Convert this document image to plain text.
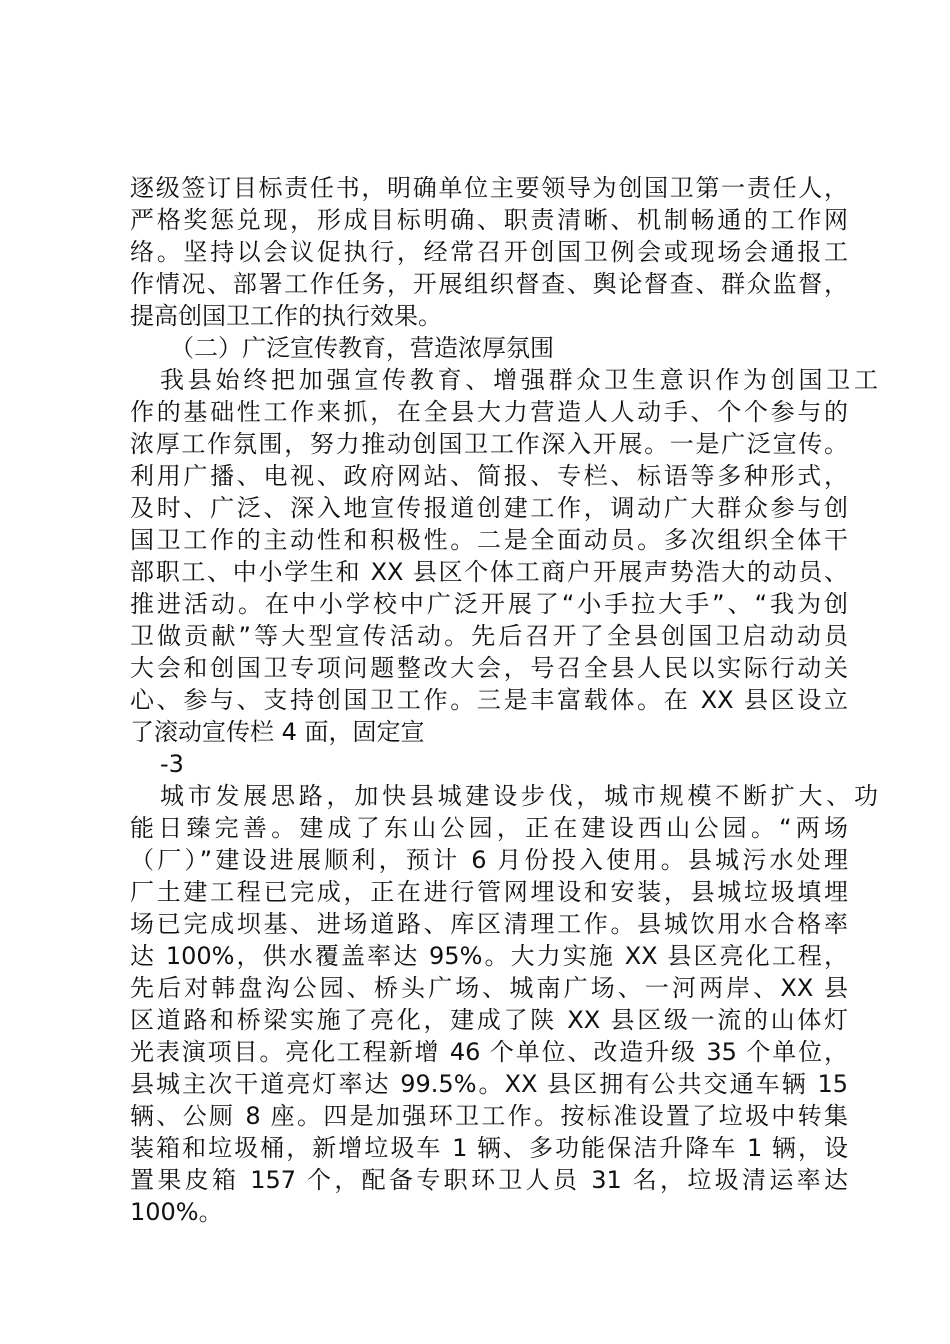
逐级签订目标责任书，明确单位主要领导为创国卫第一责任人，
严格奖惩兑现，形成目标明确、职责清晰、机制畅通的工作网
络。坚持以会议促执行，经常召开创国卫例会或现场会通报工
作情况、部署工作任务，开展组织督查、舆论督查、群众监督，
提高创国卫工作的执行效果。
（二）广泛宣传教育，营造浓厚氛围
我县始终把加强宣传教育、增强群众卫生意识作为创国卫工
作的基础性工作来抓，在全县大力营造人人动手、个个参与的
浓厚工作氛围，努力推动创国卫工作深入开展。一是广泛宣传。
利用广播、电视、政府网站、简报、专栏、标语等多种形式，
及时、广泛、深入地宣传报道创建工作，调动广大群众参与创
国卫工作的主动性和积极性。二是全面动员。多次组织全体干
部职工、中小学生和 XX 县区个体工商户开展声势浩大的动员、
推进活动。在中小学校中广泛开展了“小手拉大手”、“我为创
卫做贡献”等大型宣传活动。先后召开了全县创国卫启动动员
大会和创国卫专项问题整改大会，号召全县人民以实际行动关
心、参与、支持创国卫工作。三是丰富载体。在 XX 县区设立
了滚动宣传栏 4 面，固定宣
-3
城市发展思路，加快县城建设步伐，城市规模不断扩大、功
能日臻完善。建成了东山公园，正在建设西山公园。“两场
（厂）”建设进展顺利，预计 6 月份投入使用。县城污水处理
厂土建工程已完成，正在进行管网埋设和安装，县城垃圾填埋
场已完成坝基、进场道路、库区清理工作。县城饮用水合格率
达 100%，供水覆盖率达 95%。大力实施 XX 县区亮化工程，
先后对韩盘沟公园、桥头广场、城南广场、一河两岸、XX 县
区道路和桥梁实施了亮化，建成了陕 XX 县区级一流的山体灯
光表演项目。亮化工程新增 46 个单位、改造升级 35 个单位，
县城主次干道亮灯率达 99.5%。XX 县区拥有公共交通车辆 15
辆、公厕 8 座。四是加强环卫工作。按标准设置了垃圾中转集
装箱和垃圾桶，新增垃圾车 1 辆、多功能保洁升降车 1 辆，设
置果皮箱 157 个，配备专职环卫人员 31 名，垃圾清运率达
100%。
